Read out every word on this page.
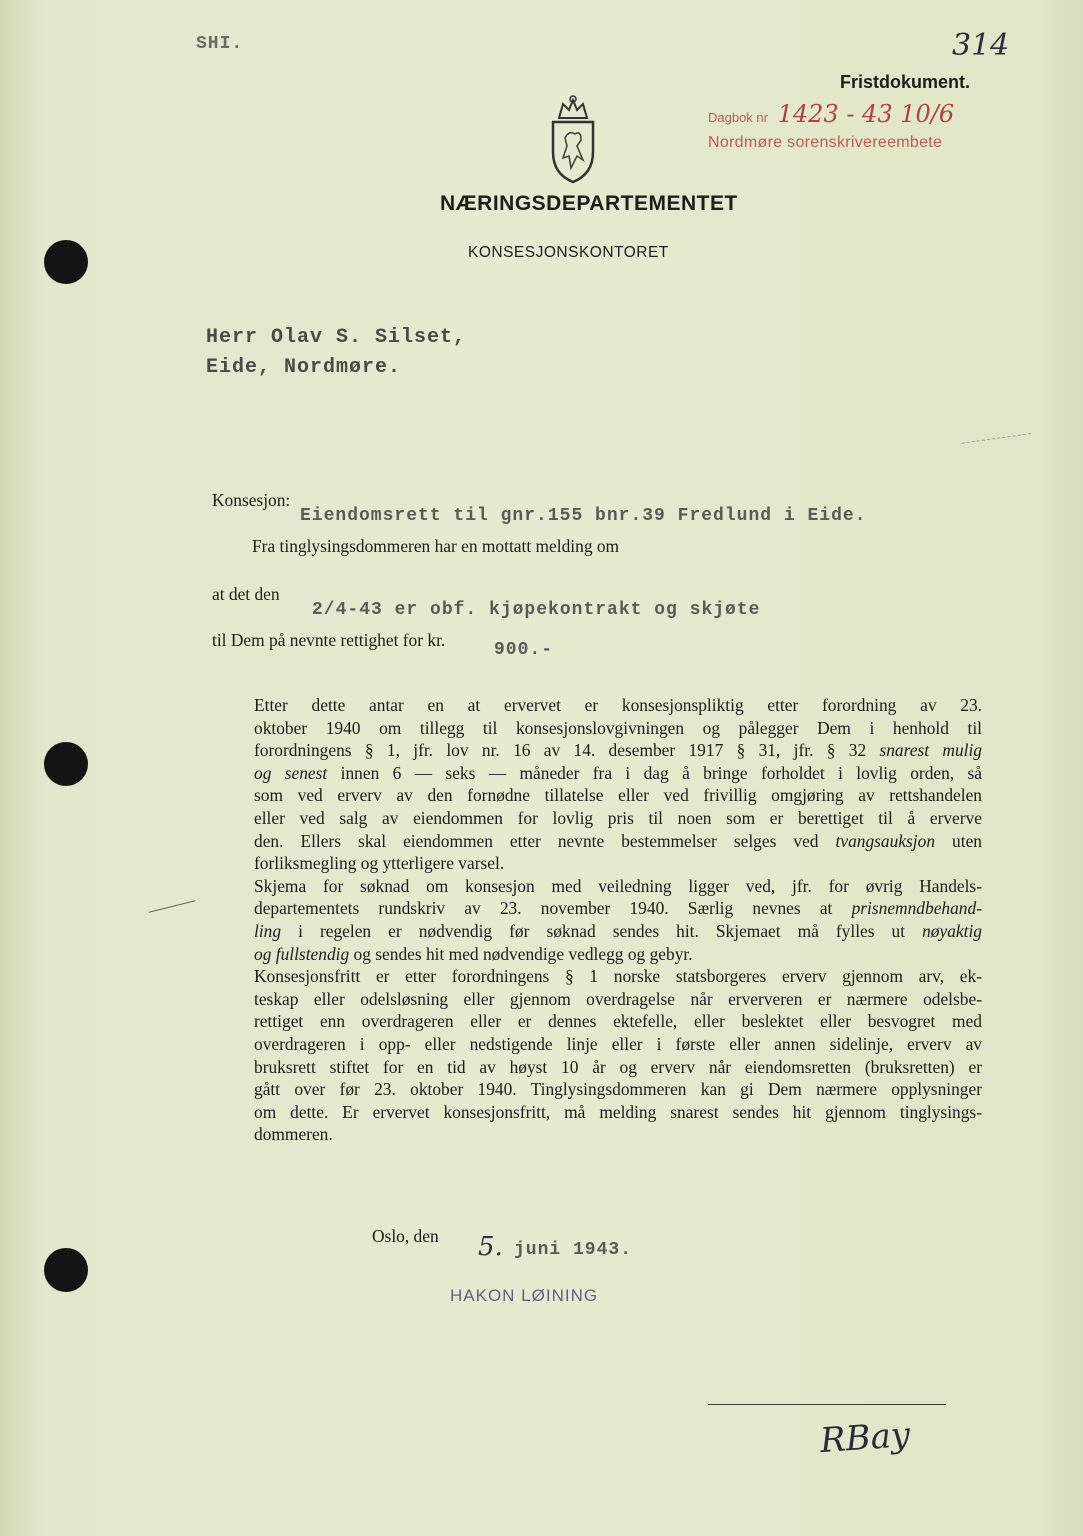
SHI.	314
Fristdokument.
Dagbok nr 1423 - 43 10/6
Nordmøre sorenskrivereembete
NÆRINGSDEPARTEMENTET
KONSESJONSKONTORET
Herr Olav S. Silset,
Eide, Nordmøre.
Konsesjon:
Eiendomsrett til gnr.155 bnr.39 Fredlund i Eide.
Fra tinglysingsdommeren har en mottatt melding om
at det den
2/4-43 er obf. kjøpekontrakt og skjøte
til Dem på nevnte rettighet for kr.	900.-

Etter dette antar en at ervervet er konsesjonspliktig etter forordning av 23.
oktober 1940 om tillegg til konsesjonslovgivningen og pålegger Dem i henhold til
forordningens § 1, jfr. lov nr. 16 av 14. desember 1917 § 31, jfr. § 32 snarest mulig
og senest innen 6 — seks — måneder fra i dag å bringe forholdet i lovlig orden, så
som ved erverv av den fornødne tillatelse eller ved frivillig omgjøring av rettshandelen
eller ved salg av eiendommen for lovlig pris til noen som er berettiget til å erverve
den. Ellers skal eiendommen etter nevnte bestemmelser selges ved tvangsauksjon uten
forliksmegling og ytterligere varsel.

Skjema for søknad om konsesjon med veiledning ligger ved, jfr. for øvrig Handels-
departementets rundskriv av 23. november 1940. Særlig nevnes at prisnemndbehand-
ling i regelen er nødvendig før søknad sendes hit. Skjemaet må fylles ut nøyaktig
og fullstendig og sendes hit med nødvendige vedlegg og gebyr.

Konsesjonsfritt er etter forordningens § 1 norske statsborgeres erverv gjennom arv, ek-
teskap eller odelsløsning eller gjennom overdragelse når erververen er nærmere odelsbe-
rettiget enn overdrageren eller er dennes ektefelle, eller beslektet eller besvogret med
overdrageren i opp- eller nedstigende linje eller i første eller annen sidelinje, erverv av
bruksrett stiftet for en tid av høyst 10 år og erverv når eiendomsretten (bruksretten) er
gått over før 23. oktober 1940. Tinglysingsdommeren kan gi Dem nærmere opplysninger
om dette. Er ervervet konsesjonsfritt, må melding snarest sendes hit gjennom tinglysings-
dommeren.

Oslo, den 5. juni 1943.
HAKON LØINING
RBay
